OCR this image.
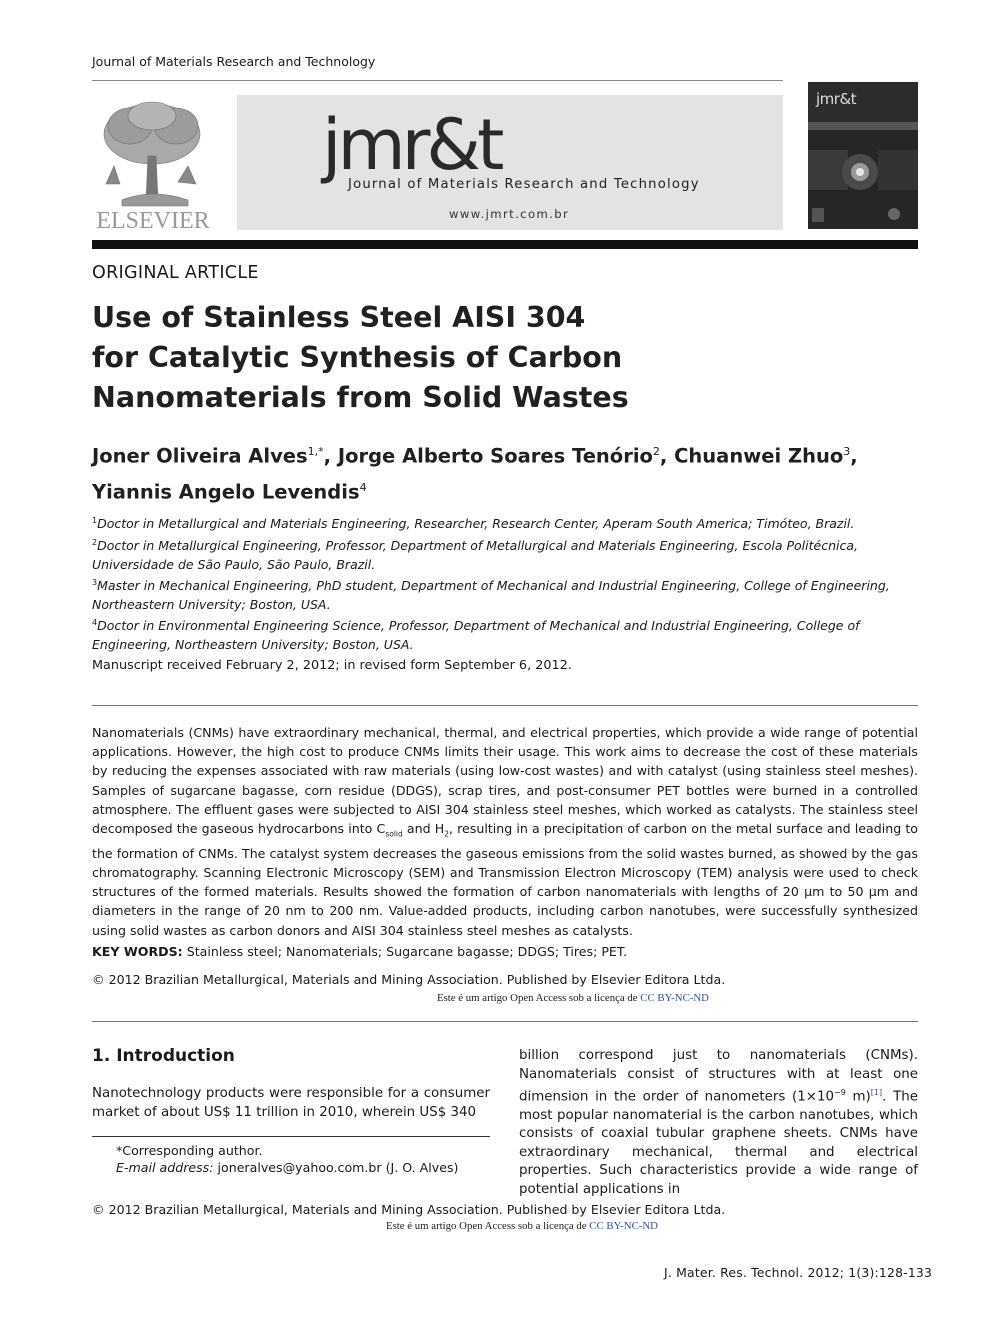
Journal of Materials Research and Technology
ELSEVIER
jmr&t
Journal of Materials Research and Technology
www.jmrt.com.br
jmr&t
ORIGINAL ARTICLE
Use of Stainless Steel AISI 304
for Catalytic Synthesis of Carbon
Nanomaterials from Solid Wastes
Joner Oliveira Alves$^{1,*}$, Jorge Alberto Soares Tenório$^2$, Chuanwei Zhuo$^3$,
Yiannis Angelo Levendis$^4$
$^1$Doctor in Metallurgical and Materials Engineering, Researcher, Research Center, Aperam South America; Timóteo, Brazil.
$^2$Doctor in Metallurgical Engineering, Professor, Department of Metallurgical and Materials Engineering, Escola Politécnica, Universidade de São Paulo, São Paulo, Brazil.
$^3$Master in Mechanical Engineering, PhD student, Department of Mechanical and Industrial Engineering, College of Engineering, Northeastern University; Boston, USA.
$^4$Doctor in Environmental Engineering Science, Professor, Department of Mechanical and Industrial Engineering, College of Engineering, Northeastern University; Boston, USA.
Manuscript received February 2, 2012; in revised form September 6, 2012.
Nanomaterials (CNMs) have extraordinary mechanical, thermal, and electrical properties, which provide a wide range of potential applications. However, the high cost to produce CNMs limits their usage. This work aims to decrease the cost of these materials by reducing the expenses associated with raw materials (using low-cost wastes) and with catalyst (using stainless steel meshes). Samples of sugarcane bagasse, corn residue (DDGS), scrap tires, and post-consumer PET bottles were burned in a controlled atmosphere. The effluent gases were subjected to AISI 304 stainless steel meshes, which worked as catalysts. The stainless steel decomposed the gaseous hydrocarbons into $C_{solid}$ and $H_2$, resulting in a precipitation of carbon on the metal surface and leading to the formation of CNMs. The catalyst system decreases the gaseous emissions from the solid wastes burned, as showed by the gas chromatography. Scanning Electronic Microscopy (SEM) and Transmission Electron Microscopy (TEM) analysis were used to check structures of the formed materials. Results showed the formation of carbon nanomaterials with lengths of 20 µm to 50 µm and diameters in the range of 20 nm to 200 nm. Value-added products, including carbon nanotubes, were successfully synthesized using solid wastes as carbon donors and AISI 304 stainless steel meshes as catalysts.
KEY WORDS: Stainless steel; Nanomaterials; Sugarcane bagasse; DDGS; Tires; PET.
© 2012 Brazilian Metallurgical, Materials and Mining Association. Published by Elsevier Editora Ltda.
Este é um artigo Open Access sob a licença de CC BY-NC-ND
1. Introduction
Nanotechnology products were responsible for a consumer market of about US$ 11 trillion in 2010, wherein US$ 340
billion correspond just to nanomaterials (CNMs). Nanomaterials consist of structures with at least one dimension in the order of nanometers ($1\times 10^{-9}$ m)[1]. The most popular nanomaterial is the carbon nanotubes, which consists of coaxial tubular graphene sheets. CNMs have extraordinary mechanical, thermal and electrical properties. Such characteristics provide a wide range of potential applications in
*Corresponding author.
E-mail address: joneralves@yahoo.com.br (J. O. Alves)
© 2012 Brazilian Metallurgical, Materials and Mining Association. Published by Elsevier Editora Ltda.
Este é um artigo Open Access sob a licença de CC BY-NC-ND
J. Mater. Res. Technol. 2012; 1(3):128-133
